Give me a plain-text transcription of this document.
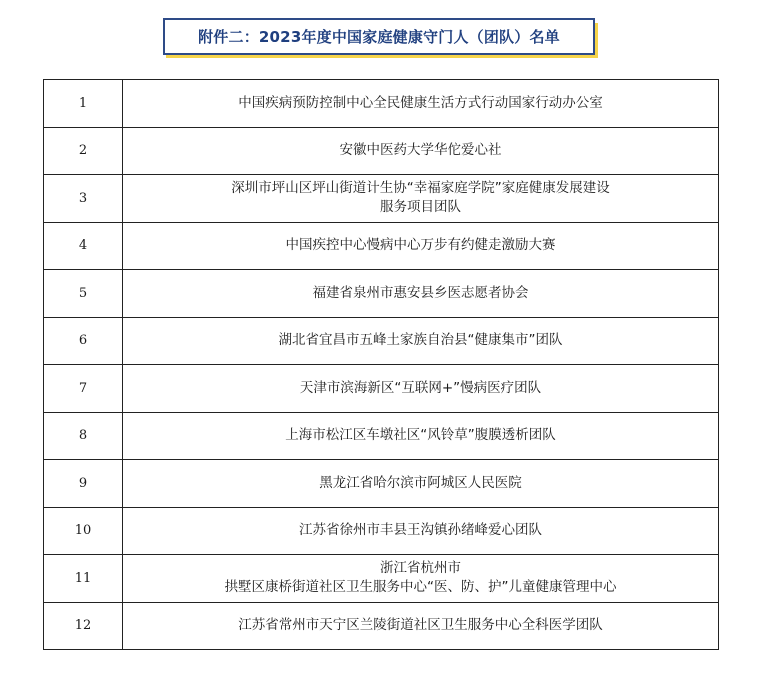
附件二：2023年度中国家庭健康守门人（团队）名单
1	中国疾病预防控制中心全民健康生活方式行动国家行动办公室

2	安徽中医药大学华佗爱心社

3	深圳市坪山区坪山街道计生协“幸福家庭学院”家庭健康发展建设
服务项目团队

4	中国疾控中心慢病中心万步有约健走激励大赛

5	福建省泉州市惠安县乡医志愿者协会

6	湖北省宜昌市五峰土家族自治县“健康集市”团队

7	天津市滨海新区“互联网+”慢病医疗团队

8	上海市松江区车墩社区“风铃草”腹膜透析团队

9	黑龙江省哈尔滨市阿城区人民医院

10	江苏省徐州市丰县王沟镇孙绪峰爱心团队

11	浙江省杭州市
拱墅区康桥街道社区卫生服务中心“医、防、护”儿童健康管理中心

12	江苏省常州市天宁区兰陵街道社区卫生服务中心全科医学团队
